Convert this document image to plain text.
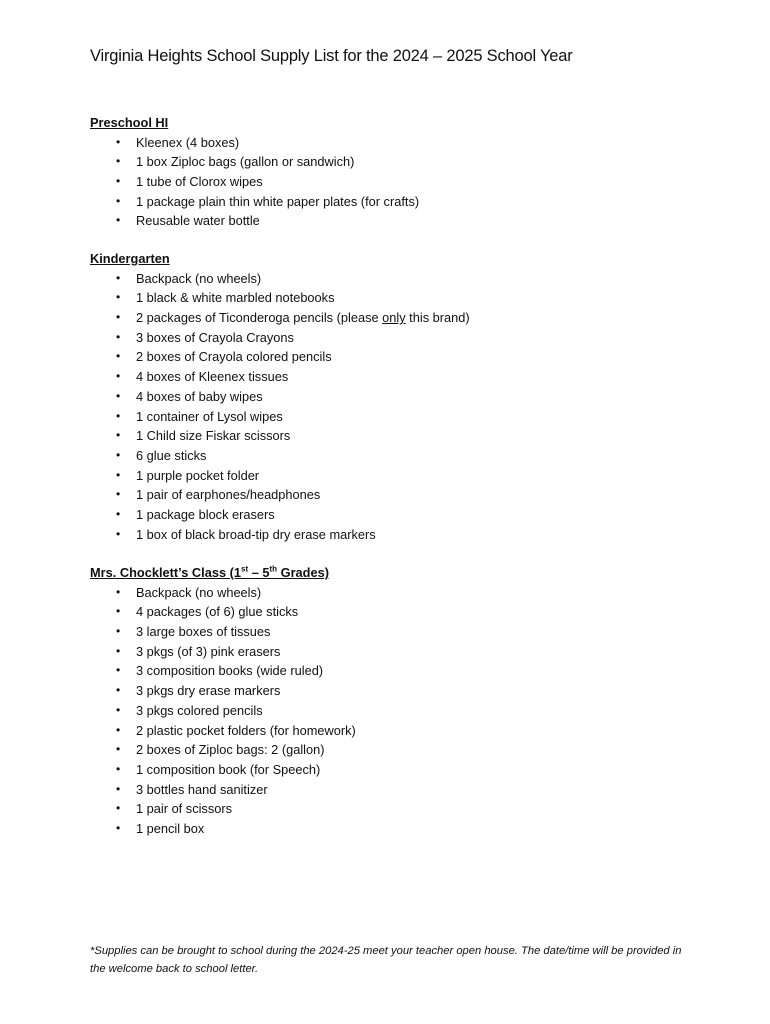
Virginia Heights School Supply List for the 2024 – 2025 School Year
Preschool HI
• Kleenex (4 boxes)
• 1 box Ziploc bags (gallon or sandwich)
• 1 tube of Clorox wipes
• 1 package plain thin white paper plates (for crafts)
• Reusable water bottle
Kindergarten
• Backpack (no wheels)
• 1 black & white marbled notebooks
• 2 packages of Ticonderoga pencils (please only this brand)
• 3 boxes of Crayola Crayons
• 2 boxes of Crayola colored pencils
• 4 boxes of Kleenex tissues
• 4 boxes of baby wipes
• 1 container of Lysol wipes
• 1 Child size Fiskar scissors
• 6 glue sticks
• 1 purple pocket folder
• 1 pair of earphones/headphones
• 1 package block erasers
• 1 box of black broad-tip dry erase markers
Mrs. Chocklett’s Class (1st – 5th Grades)
• Backpack (no wheels)
• 4 packages (of 6) glue sticks
• 3 large boxes of tissues
• 3 pkgs (of 3) pink erasers
• 3 composition books (wide ruled)
• 3 pkgs dry erase markers
• 3 pkgs colored pencils
• 2 plastic pocket folders (for homework)
• 2 boxes of Ziploc bags: 2 (gallon)
• 1 composition book (for Speech)
• 3 bottles hand sanitizer
• 1 pair of scissors
• 1 pencil box
*Supplies can be brought to school during the 2024-25 meet your teacher open house. The date/time will be provided in the welcome back to school letter.
